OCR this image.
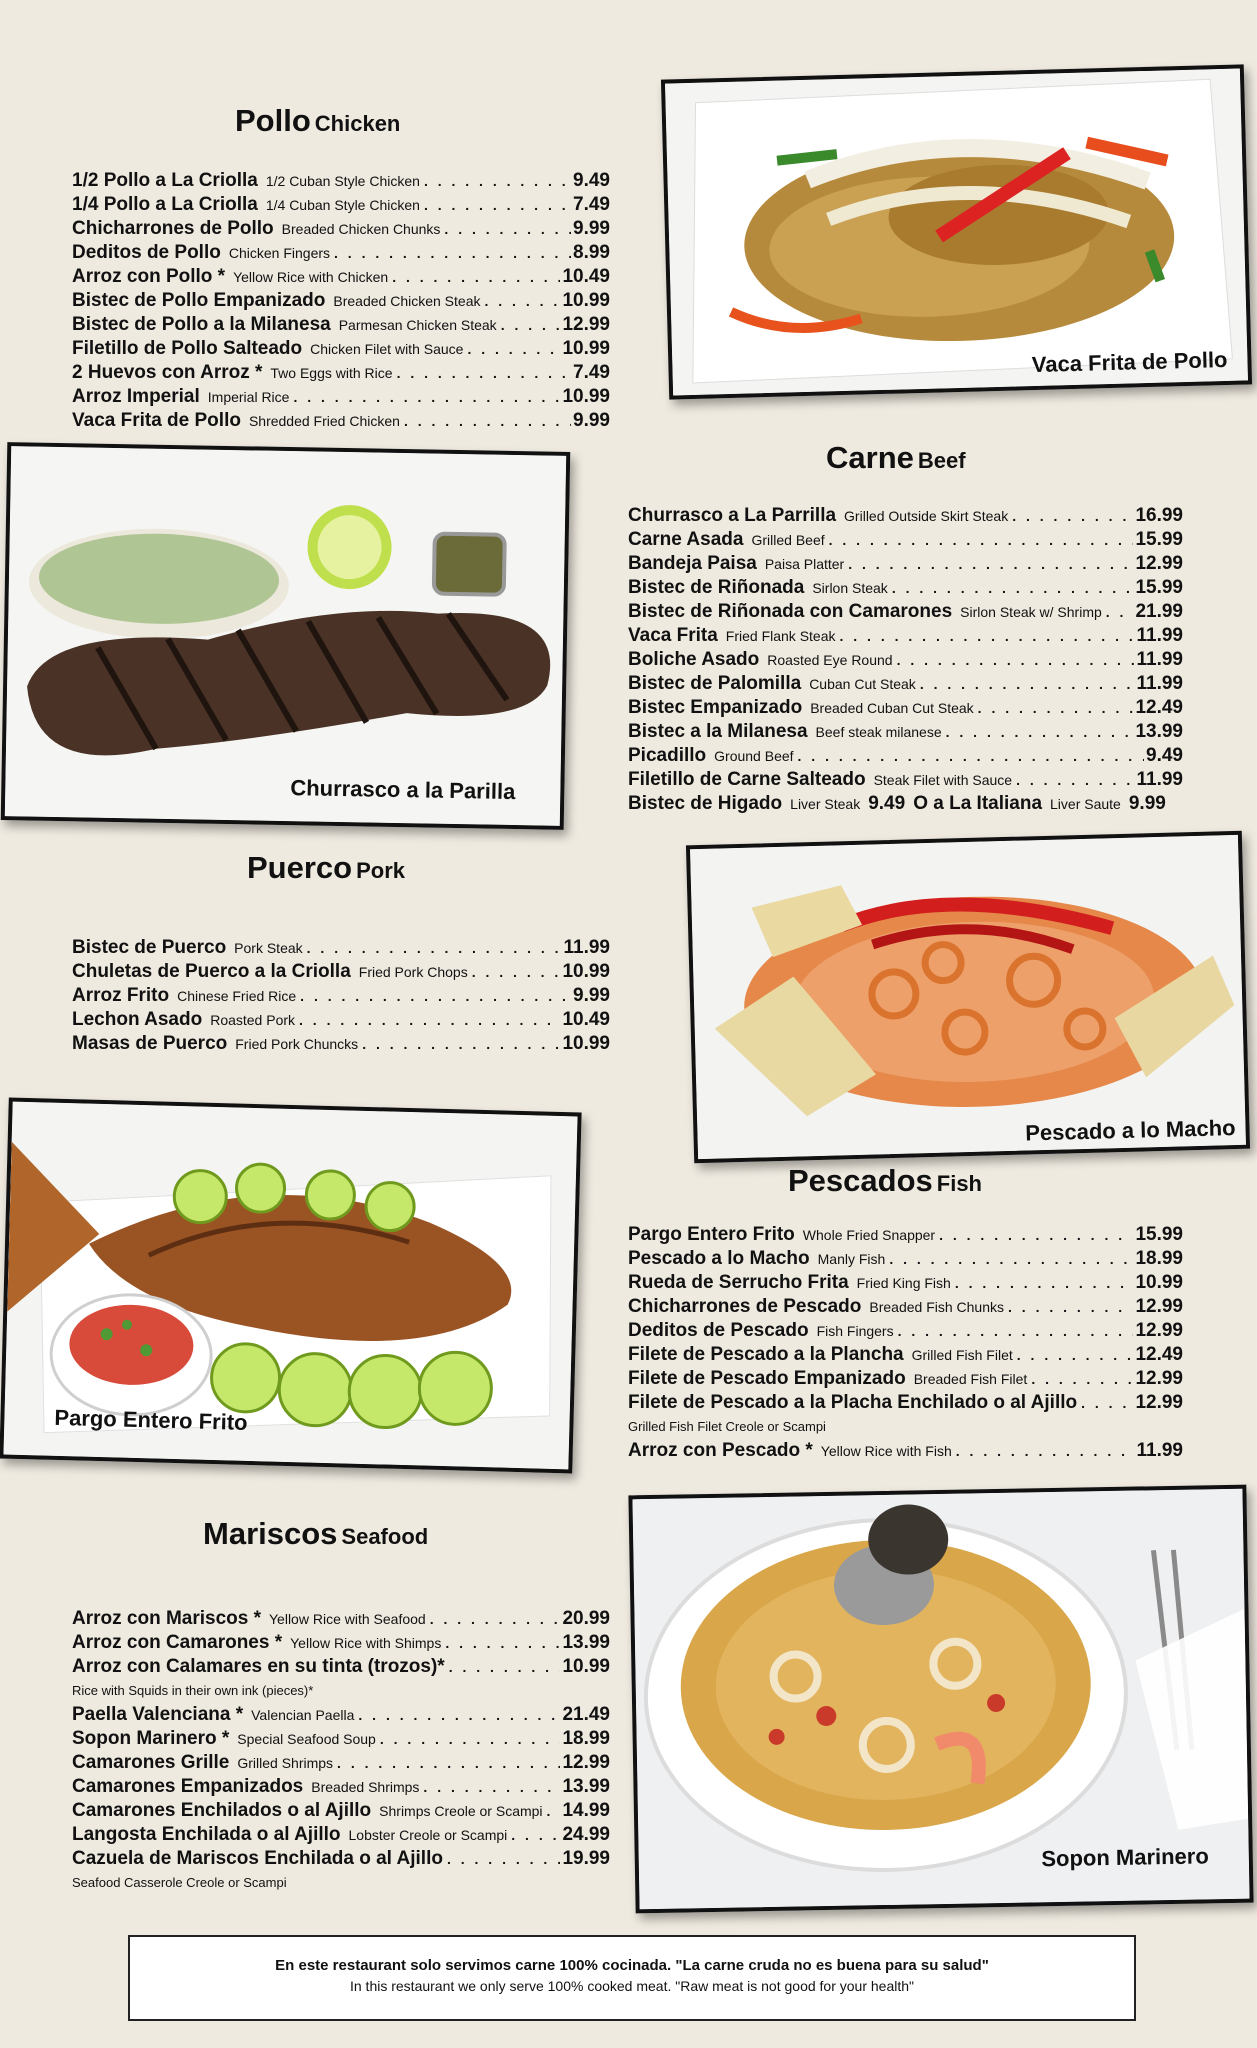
Pollo Chicken
1/2 Pollo a La Criolla 1/2 Cuban Style Chicken . . .	9.49
1/4 Pollo a La Criolla 1/4 Cuban Style Chicken . . .	7.49
Chicharrones de Pollo Breaded Chicken Chunks . . .	9.99
Deditos de Pollo Chicken Fingers . . .	8.99
Arroz con Pollo * Yellow Rice with Chicken . . .	10.49
Bistec de Pollo Empanizado Breaded Chicken Steak . . .	10.99
Bistec de Pollo a la Milanesa Parmesan Chicken Steak . . .	12.99
Filetillo de Pollo Salteado Chicken Filet with Sauce . . .	10.99
2 Huevos con Arroz * Two Eggs with Rice . . .	7.49
Arroz Imperial Imperial Rice . . .	10.99
Vaca Frita de Pollo Shredded Fried Chicken . . .	9.99
Vaca Frita de Pollo
Churrasco a la Parilla
Carne Beef
Churrasco a La Parrilla Grilled Outside Skirt Steak . . .	16.99
Carne Asada Grilled Beef . . .	15.99
Bandeja Paisa Paisa Platter . . .	12.99
Bistec de Riñonada Sirlon Steak . . .	15.99
Bistec de Riñonada con Camarones Sirlon Steak w/ Shrimp . . . 21.99
Vaca Frita Fried Flank Steak . . .	11.99
Boliche Asado Roasted Eye Round . . .	11.99
Bistec de Palomilla Cuban Cut Steak . . .	11.99
Bistec Empanizado Breaded Cuban Cut Steak . . .	12.49
Bistec a la Milanesa Beef steak milanese . . .	13.99
Picadillo Ground Beef . . .	9.49
Filetillo de Carne Salteado Steak Filet with Sauce . . .	11.99
Bistec de Higado Liver Steak 9.49 O a La Italiana Liver Saute 9.99
Puerco Pork
Bistec de Puerco Pork Steak . . .	11.99
Chuletas de Puerco a la Criolla Fried Pork Chops . . .	10.99
Arroz Frito Chinese Fried Rice . . .	9.99
Lechon Asado Roasted Pork . . .	10.49
Masas de Puerco Fried Pork Chuncks . . .	10.99
Pescado a lo Macho
Pargo Entero Frito
Pescados Fish
Pargo Entero Frito Whole Fried Snapper . . .	15.99
Pescado a lo Macho Manly Fish . . .	18.99
Rueda de Serrucho Frita Fried King Fish . . .	10.99
Chicharrones de Pescado Breaded Fish Chunks . . .	12.99
Deditos de Pescado Fish Fingers . . .	12.99
Filete de Pescado a la Plancha Grilled Fish Filet . . .	12.49
Filete de Pescado Empanizado Breaded Fish Filet . . .	12.99
Filete de Pescado a la Placha Enchilado o al Ajillo . . .	12.99
Grilled Fish Filet Creole or Scampi
Arroz con Pescado * Yellow Rice with Fish . . .	11.99
Mariscos Seafood
Arroz con Mariscos * Yellow Rice with Seafood . . .	20.99
Arroz con Camarones * Yellow Rice with Shimps . . .	13.99
Arroz con Calamares en su tinta (trozos)* . . .	10.99
Rice with Squids in their own ink (pieces)*
Paella Valenciana * Valencian Paella . . .	21.49
Sopon Marinero * Special Seafood Soup . . .	18.99
Camarones Grille Grilled Shrimps . . .	12.99
Camarones Empanizados Breaded Shrimps . . .	13.99
Camarones Enchilados o al Ajillo Shrimps Creole or Scampi . . . 14.99
Langosta Enchilada o al Ajillo Lobster Creole or Scampi . . .	24.99
Cazuela de Mariscos Enchilada o al Ajillo . . .	19.99
Seafood Casserole Creole or Scampi
Sopon Marinero
En este restaurant solo servimos carne 100% cocinada. "La carne cruda no es buena para su salud"
In this restaurant we only serve 100% cooked meat. "Raw meat is not good for your health"
